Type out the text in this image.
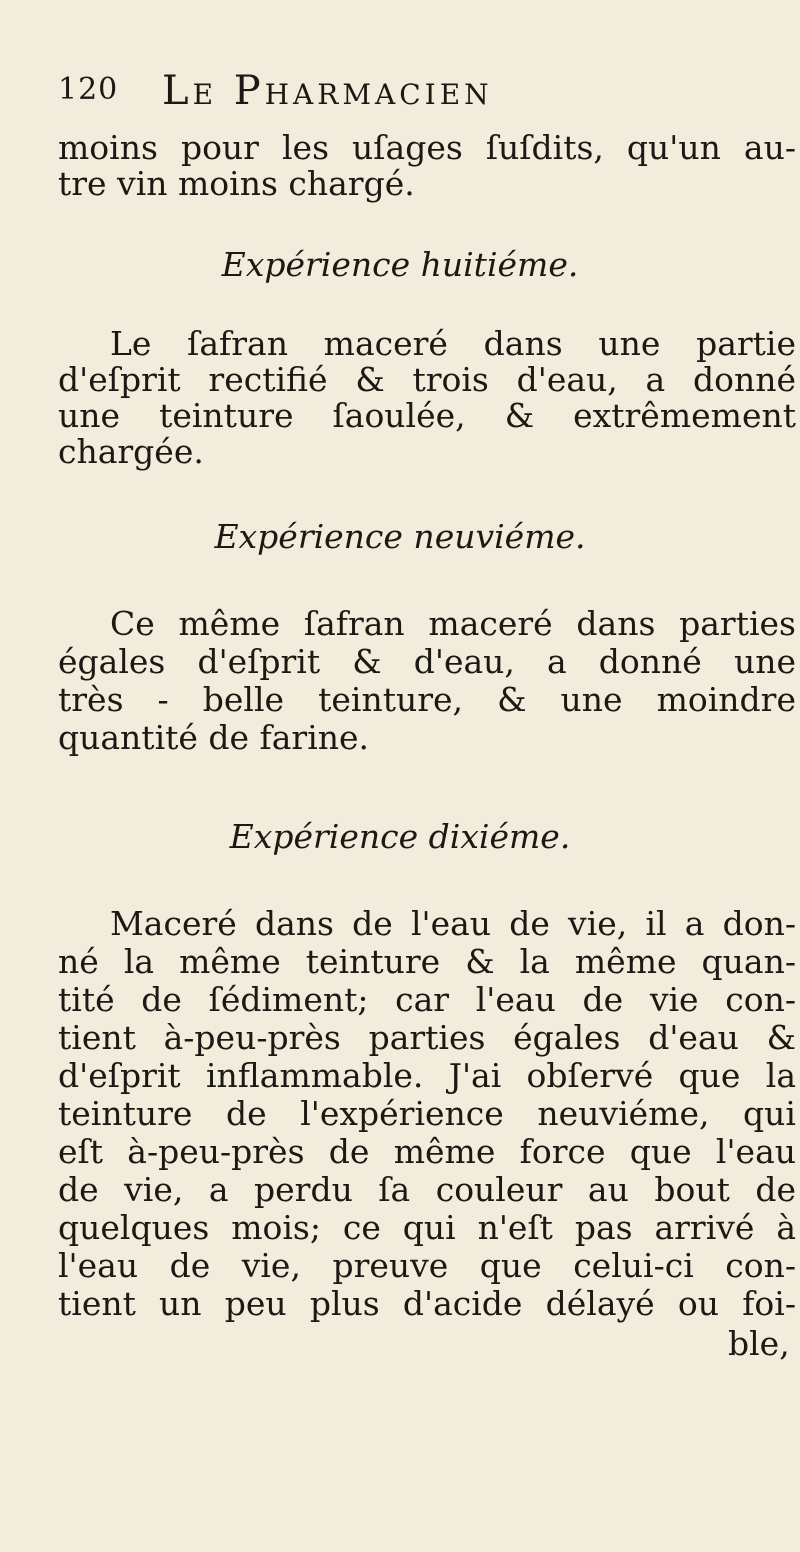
120 Le Pharmacien
moins pour les uſages ſuſdits, qu'un au-
tre vin moins chargé.
Expérience huitiéme.
Le ſafran maceré dans une partie
d'eſprit rectifié & trois d'eau, a donné
une teinture ſaoulée, & extrêmement
chargée.
Expérience neuviéme.
Ce même ſafran maceré dans parties
égales d'eſprit & d'eau, a donné une
très - belle teinture, & une moindre
quantité de farine.
Expérience dixiéme.
Maceré dans de l'eau de vie, il a don-
né la même teinture & la même quan-
tité de ſédiment; car l'eau de vie con-
tient à-peu-près parties égales d'eau &
d'eſprit inflammable. J'ai obſervé que la
teinture de l'expérience neuviéme, qui
eſt à-peu-près de même force que l'eau
de vie, a perdu ſa couleur au bout de
quelques mois; ce qui n'eſt pas arrivé à
l'eau de vie, preuve que celui-ci con-
tient un peu plus d'acide délayé ou foi-
ble,
